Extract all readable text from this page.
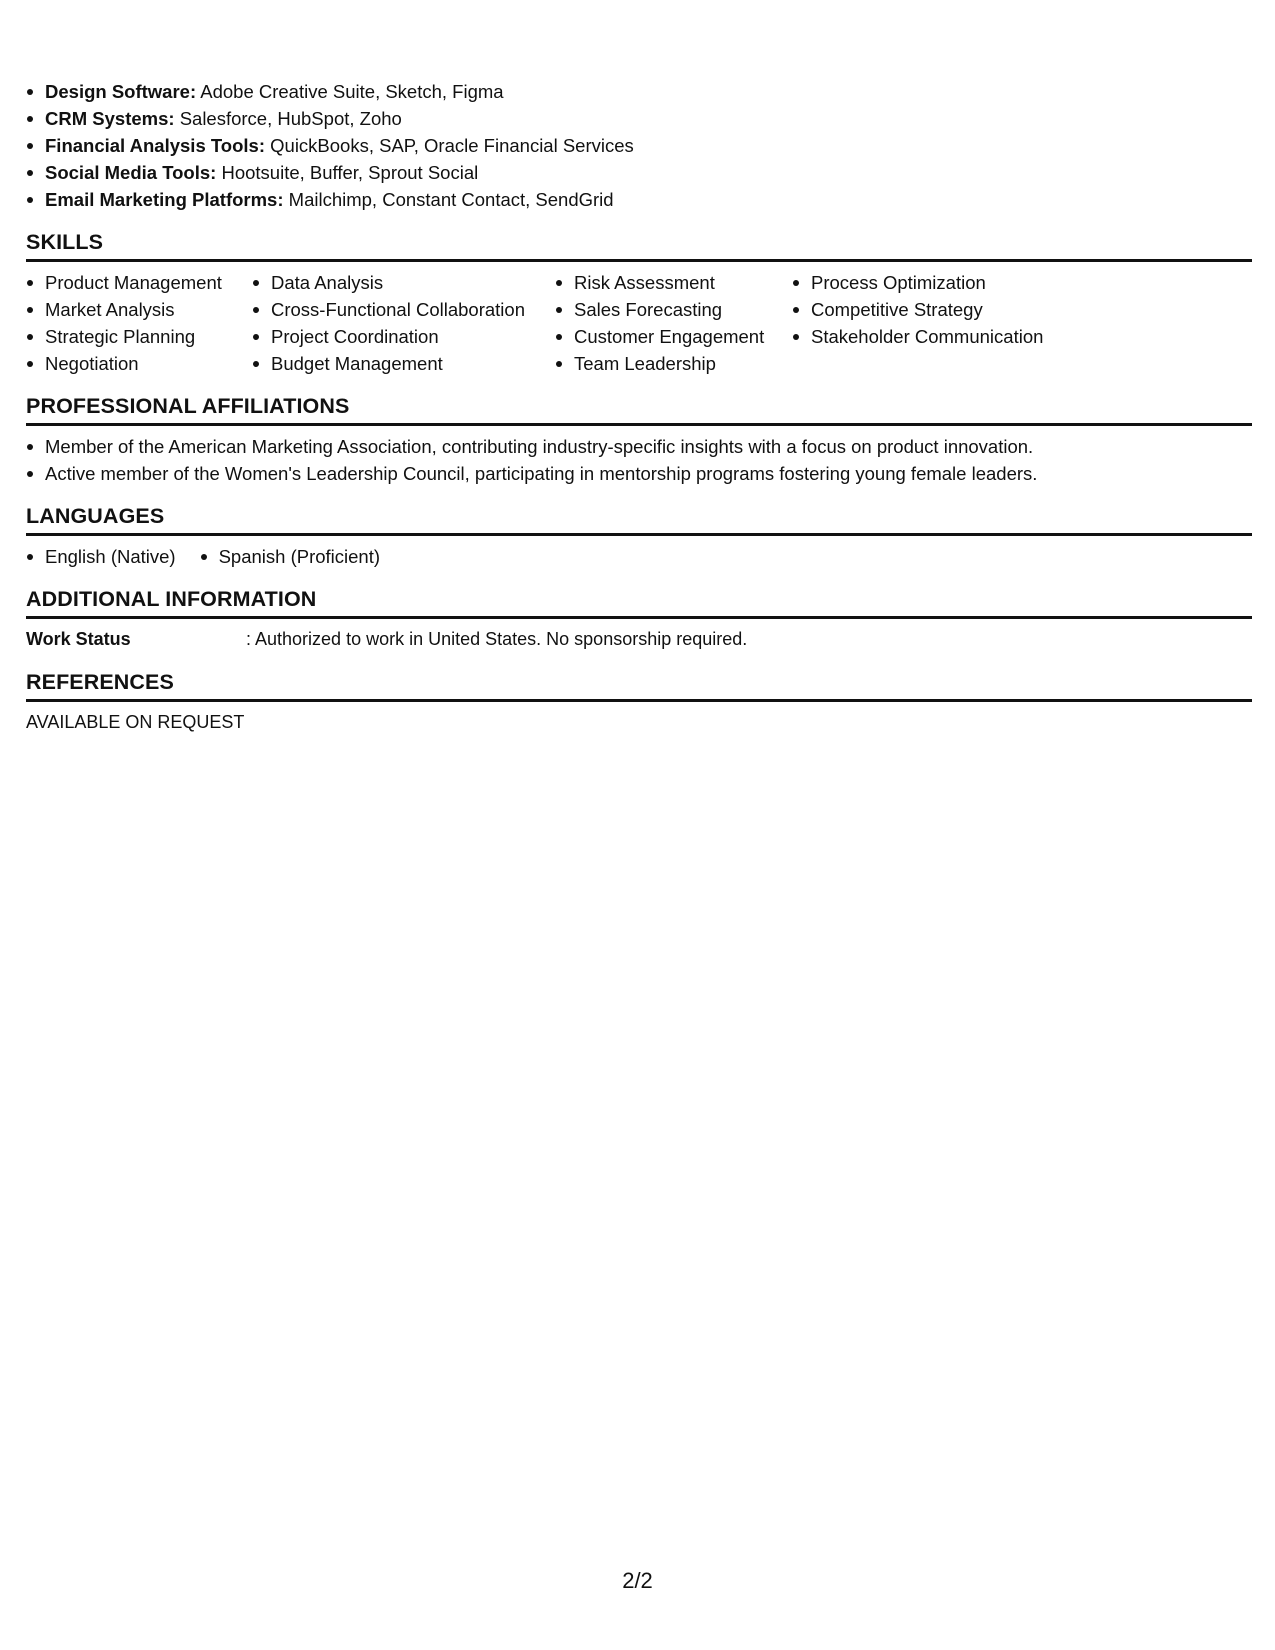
Design Software: Adobe Creative Suite, Sketch, Figma
CRM Systems: Salesforce, HubSpot, Zoho
Financial Analysis Tools: QuickBooks, SAP, Oracle Financial Services
Social Media Tools: Hootsuite, Buffer, Sprout Social
Email Marketing Platforms: Mailchimp, Constant Contact, SendGrid
SKILLS
Product Management
Market Analysis
Strategic Planning
Negotiation
Data Analysis
Cross-Functional Collaboration
Project Coordination
Budget Management
Risk Assessment
Sales Forecasting
Customer Engagement
Team Leadership
Process Optimization
Competitive Strategy
Stakeholder Communication
PROFESSIONAL AFFILIATIONS
Member of the American Marketing Association, contributing industry-specific insights with a focus on product innovation.
Active member of the Women's Leadership Council, participating in mentorship programs fostering young female leaders.
LANGUAGES
English (Native)	Spanish (Proficient)
ADDITIONAL INFORMATION
Work Status	: Authorized to work in United States. No sponsorship required.
REFERENCES
AVAILABLE ON REQUEST
2/2
